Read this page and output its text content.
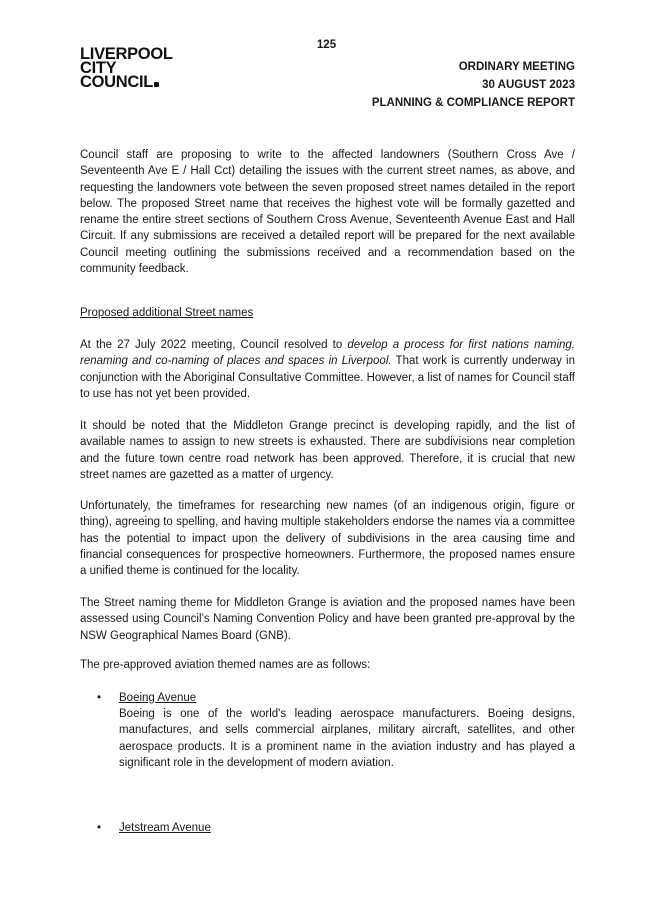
125
LIVERPOOL
CITY
COUNCIL
ORDINARY MEETING
30 AUGUST 2023
PLANNING & COMPLIANCE REPORT

Council staff are proposing to write to the affected landowners (Southern Cross Ave / Seventeenth Ave E / Hall Cct) detailing the issues with the current street names, as above, and requesting the landowners vote between the seven proposed street names detailed in the report below. The proposed Street name that receives the highest vote will be formally gazetted and rename the entire street sections of Southern Cross Avenue, Seventeenth Avenue East and Hall Circuit. If any submissions are received a detailed report will be prepared for the next available Council meeting outlining the submissions received and a recommendation based on the community feedback.

Proposed additional Street names

At the 27 July 2022 meeting, Council resolved to develop a process for first nations naming, renaming and co-naming of places and spaces in Liverpool. That work is currently underway in conjunction with the Aboriginal Consultative Committee. However, a list of names for Council staff to use has not yet been provided.

It should be noted that the Middleton Grange precinct is developing rapidly, and the list of available names to assign to new streets is exhausted. There are subdivisions near completion and the future town centre road network has been approved. Therefore, it is crucial that new street names are gazetted as a matter of urgency.

Unfortunately, the timeframes for researching new names (of an indigenous origin, figure or thing), agreeing to spelling, and having multiple stakeholders endorse the names via a committee has the potential to impact upon the delivery of subdivisions in the area causing time and financial consequences for prospective homeowners. Furthermore, the proposed names ensure a unified theme is continued for the locality.

The Street naming theme for Middleton Grange is aviation and the proposed names have been assessed using Council’s Naming Convention Policy and have been granted pre-approval by the NSW Geographical Names Board (GNB).

The pre-approved aviation themed names are as follows:

• Boeing Avenue
Boeing is one of the world's leading aerospace manufacturers. Boeing designs, manufactures, and sells commercial airplanes, military aircraft, satellites, and other aerospace products. It is a prominent name in the aviation industry and has played a significant role in the development of modern aviation.
• Jetstream Avenue
